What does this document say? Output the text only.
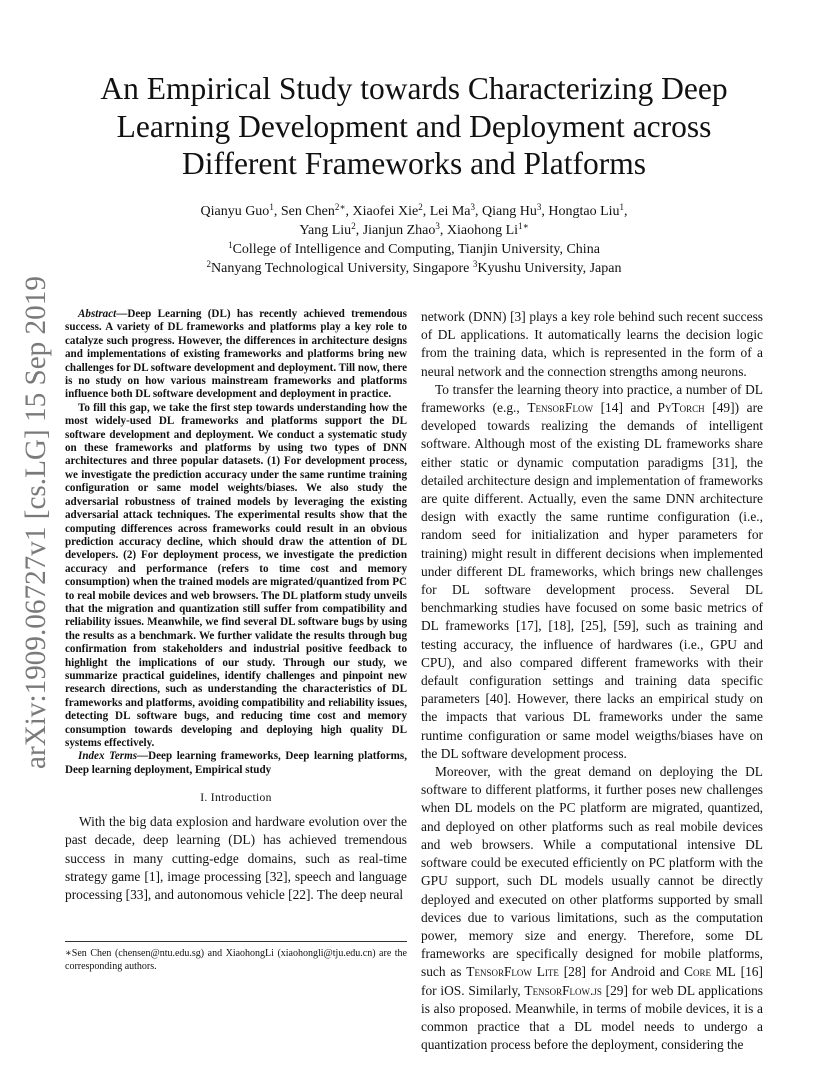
arXiv:1909.06727v1 [cs.LG] 15 Sep 2019
An Empirical Study towards Characterizing Deep Learning Development and Deployment across Different Frameworks and Platforms
Qianyu Guo$^1$, Sen Chen$^{2∗}$, Xiaofei Xie$^2$, Lei Ma$^3$, Qiang Hu$^3$, Hongtao Liu$^1$,
Yang Liu$^2$, Jianjun Zhao$^3$, Xiaohong $Li^{1∗}$
$^1$College of Intelligence and Computing, Tianjin University, China
$^2$Nanyang Technological University, Singapore $^3$Kyushu University, Japan

Abstract—Deep Learning (DL) has recently achieved tremendous success. A variety of DL frameworks and platforms play a key role to catalyze such progress. However, the differences in architecture designs and implementations of existing frameworks and platforms bring new challenges for DL software development and deployment. Till now, there is no study on how various mainstream frameworks and platforms influence both DL software development and deployment in practice.

To fill this gap, we take the first step towards understanding how the most widely-used DL frameworks and platforms support the DL software development and deployment. We conduct a systematic study on these frameworks and platforms by using two types of DNN architectures and three popular datasets. (1) For development process, we investigate the prediction accuracy under the same runtime training configuration or same model weights/biases. We also study the adversarial robustness of trained models by leveraging the existing adversarial attack techniques. The experimental results show that the computing differences across frameworks could result in an obvious prediction accuracy decline, which should draw the attention of DL developers. (2) For deployment process, we investigate the prediction accuracy and performance (refers to time cost and memory consumption) when the trained models are migrated/quantized from PC to real mobile devices and web browsers. The DL platform study unveils that the migration and quantization still suffer from compatibility and reliability issues. Meanwhile, we find several DL software bugs by using the results as a benchmark. We further validate the results through bug confirmation from stakeholders and industrial positive feedback to highlight the implications of our study. Through our study, we summarize practical guidelines, identify challenges and pinpoint new research directions, such as understanding the characteristics of DL frameworks and platforms, avoiding compatibility and reliability issues, detecting DL software bugs, and reducing time cost and memory consumption towards developing and deploying high quality DL systems effectively.

Index Terms—Deep learning frameworks, Deep learning platforms, Deep learning deployment, Empirical study

I. Introduction

With the big data explosion and hardware evolution over the past decade, deep learning (DL) has achieved tremendous success in many cutting-edge domains, such as real-time strategy game [1], image processing [32], speech and language processing [33], and autonomous vehicle [22]. The deep neural

∗Sen Chen (chensen@ntu.edu.sg) and XiaohongLi (xiaohongli@tju.edu.cn) are the corresponding authors.

network (DNN) [3] plays a key role behind such recent success of DL applications. It automatically learns the decision logic from the training data, which is represented in the form of a neural network and the connection strengths among neurons.

To transfer the learning theory into practice, a number of DL frameworks (e.g., TensorFlow [14] and PyTorch [49]) are developed towards realizing the demands of intelligent software. Although most of the existing DL frameworks share either static or dynamic computation paradigms [31], the detailed architecture design and implementation of frameworks are quite different. Actually, even the same DNN architecture design with exactly the same runtime configuration (i.e., random seed for initialization and hyper parameters for training) might result in different decisions when implemented under different DL frameworks, which brings new challenges for DL software development process. Several DL benchmarking studies have focused on some basic metrics of DL frameworks [17], [18], [25], [59], such as training and testing accuracy, the influence of hardwares (i.e., GPU and CPU), and also compared different frameworks with their default configuration settings and training data specific parameters [40]. However, there lacks an empirical study on the impacts that various DL frameworks under the same runtime configuration or same model weigths/biases have on the DL software development process.

Moreover, with the great demand on deploying the DL software to different platforms, it further poses new challenges when DL models on the PC platform are migrated, quantized, and deployed on other platforms such as real mobile devices and web browsers. While a computational intensive DL software could be executed efficiently on PC platform with the GPU support, such DL models usually cannot be directly deployed and executed on other platforms supported by small devices due to various limitations, such as the computation power, memory size and energy. Therefore, some DL frameworks are specifically designed for mobile platforms, such as TensorFlow Lite [28] for Android and Core ML [16] for iOS. Similarly, TensorFlow.js [29] for web DL applications is also proposed. Meanwhile, in terms of mobile devices, it is a common practice that a DL model needs to undergo a quantization process before the deployment, considering the
